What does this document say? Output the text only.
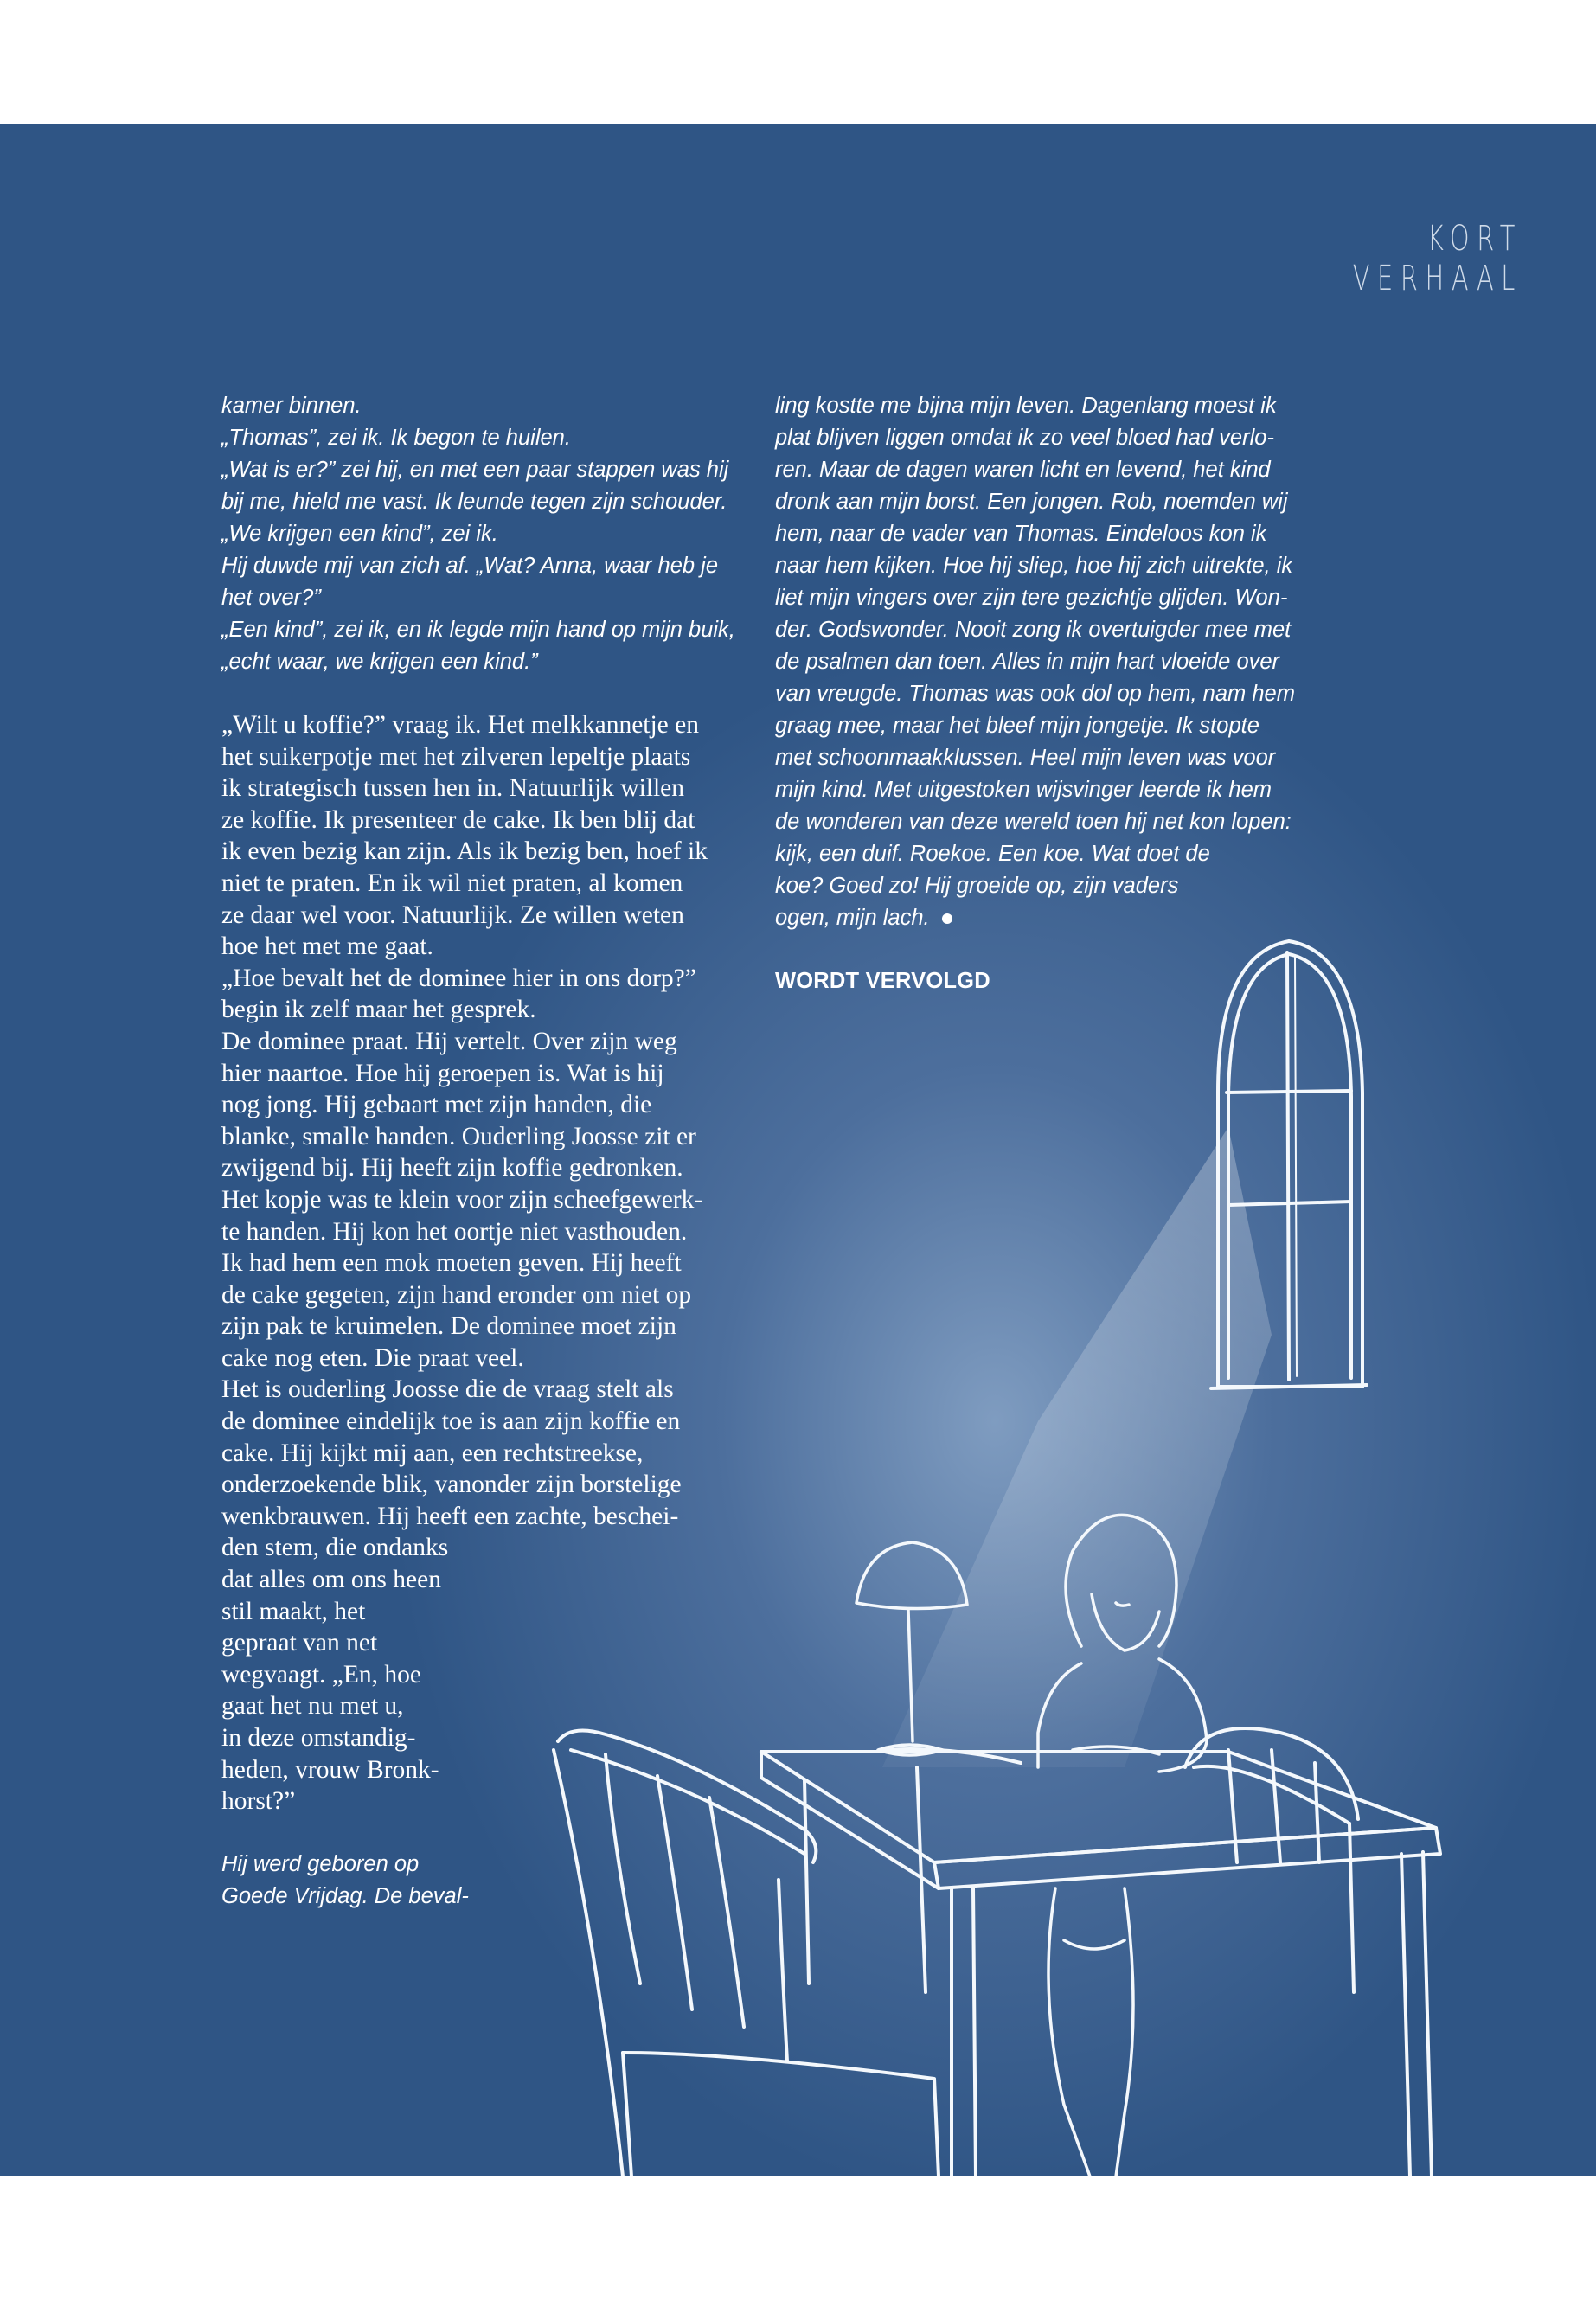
KORT VERHAAL

kamer binnen.
„Thomas”, zei ik. Ik begon te huilen.
„Wat is er?” zei hij, en met een paar stappen was hij
bij me, hield me vast. Ik leunde tegen zijn schouder.
„We krijgen een kind”, zei ik.
Hij duwde mij van zich af. „Wat? Anna, waar heb je
het over?”
„Een kind”, zei ik, en ik legde mijn hand op mijn buik,
„echt waar, we krijgen een kind.”

„Wilt u koffie?” vraag ik. Het melkkannetje en
het suikerpotje met het zilveren lepeltje plaats
ik strategisch tussen hen in. Natuurlijk willen
ze koffie. Ik presenteer de cake. Ik ben blij dat
ik even bezig kan zijn. Als ik bezig ben, hoef ik
niet te praten. En ik wil niet praten, al komen
ze daar wel voor. Natuurlijk. Ze willen weten
hoe het met me gaat.
„Hoe bevalt het de dominee hier in ons dorp?”
begin ik zelf maar het gesprek.
De dominee praat. Hij vertelt. Over zijn weg
hier naartoe. Hoe hij geroepen is. Wat is hij
nog jong. Hij gebaart met zijn handen, die
blanke, smalle handen. Ouderling Joosse zit er
zwijgend bij. Hij heeft zijn koffie gedronken.
Het kopje was te klein voor zijn scheefgewerk-
te handen. Hij kon het oortje niet vasthouden.
Ik had hem een mok moeten geven. Hij heeft
de cake gegeten, zijn hand eronder om niet op
zijn pak te kruimelen. De dominee moet zijn
cake nog eten. Die praat veel.
Het is ouderling Joosse die de vraag stelt als
de dominee eindelijk toe is aan zijn koffie en
cake. Hij kijkt mij aan, een rechtstreekse,
onderzoekende blik, vanonder zijn borstelige
wenkbrauwen. Hij heeft een zachte, beschei-
den stem, die ondanks
dat alles om ons heen
stil maakt, het
gepraat van net
wegvaagt. „En, hoe
gaat het nu met u,
in deze omstandig-
heden, vrouw Bronk-
horst?”

Hij werd geboren op
Goede Vrijdag. De beval-

ling kostte me bijna mijn leven. Dagenlang moest ik
plat blijven liggen omdat ik zo veel bloed had verlo-
ren. Maar de dagen waren licht en levend, het kind
dronk aan mijn borst. Een jongen. Rob, noemden wij
hem, naar de vader van Thomas. Eindeloos kon ik
naar hem kijken. Hoe hij sliep, hoe hij zich uitrekte, ik
liet mijn vingers over zijn tere gezichtje glijden. Won-
der. Godswonder. Nooit zong ik overtuigder mee met
de psalmen dan toen. Alles in mijn hart vloeide over
van vreugde. Thomas was ook dol op hem, nam hem
graag mee, maar het bleef mijn jongetje. Ik stopte
met schoonmaakklussen. Heel mijn leven was voor
mijn kind. Met uitgestoken wijsvinger leerde ik hem
de wonderen van deze wereld toen hij net kon lopen:
kijk, een duif. Roekoe. Een koe. Wat doet de
koe? Goed zo! Hij groeide op, zijn vaders
ogen, mijn lach.

WORDT VERVOLGD
